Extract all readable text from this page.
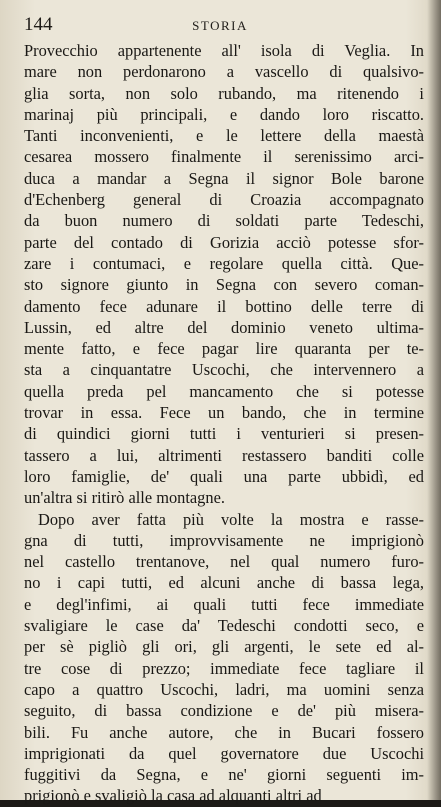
144	STORIA
Provecchio appartenente all' isola di Veglia. In
mare non perdonarono a vascello di qualsivo-
glia sorta, non solo rubando, ma ritenendo i
marinaj più principali, e dando loro riscatto.
Tanti inconvenienti, e le lettere della maestà
cesarea mossero finalmente il serenissimo arci-
duca a mandar a Segna il signor Bole barone
d'Echenberg general di Croazia accompagnato
da buon numero di soldati parte Tedeschi,
parte del contado di Gorizia acciò potesse sfor-
zare i contumaci, e regolare quella città. Que-
sto signore giunto in Segna con severo coman-
damento fece adunare il bottino delle terre di
Lussin, ed altre del dominio veneto ultima-
mente fatto, e fece pagar lire quaranta per te-
sta a cinquantatre Uscochi, che intervennero a
quella preda pel mancamento che si potesse
trovar in essa. Fece un bando, che in termine
di quindici giorni tutti i venturieri si presen-
tassero a lui, altrimenti restassero banditi colle
loro famiglie, de' quali una parte ubbidì, ed
un'altra si ritirò alle montagne.
Dopo aver fatta più volte la mostra e rasse-
gna di tutti, improvvisamente ne imprigionò
nel castello trentanove, nel qual numero furo-
no i capi tutti, ed alcuni anche di bassa lega,
e degl'infimi, ai quali tutti fece immediate
svaligiare le case da' Tedeschi condotti seco, e
per sè pigliò gli ori, gli argenti, le sete ed al-
tre cose di prezzo; immediate fece tagliare il
capo a quattro Uscochi, ladri, ma uomini senza
seguito, di bassa condizione e de' più misera-
bili. Fu anche autore, che in Bucari fossero
imprigionati da quel governatore due Uscochi
fuggitivi da Segna, e ne' giorni seguenti im-
prigionò e svaligiò la casa ad alquanti altri ad
